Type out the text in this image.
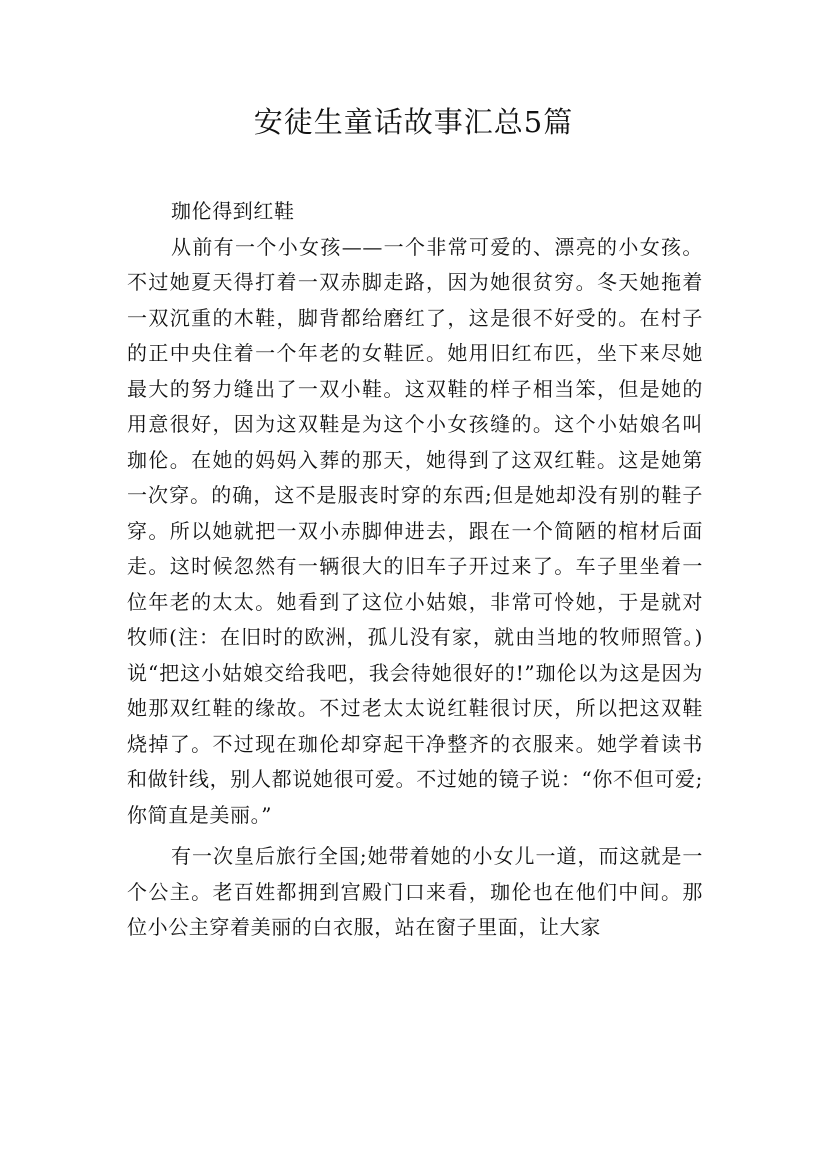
安徒生童话故事汇总5篇
珈伦得到红鞋

从前有一个小女孩——一个非常可爱的、漂亮的小女孩。不过她夏天得打着一双赤脚走路，因为她很贫穷。冬天她拖着一双沉重的木鞋，脚背都给磨红了，这是很不好受的。在村子的正中央住着一个年老的女鞋匠。她用旧红布匹，坐下来尽她最大的努力缝出了一双小鞋。这双鞋的样子相当笨，但是她的用意很好，因为这双鞋是为这个小女孩缝的。这个小姑娘名叫珈伦。在她的妈妈入葬的那天，她得到了这双红鞋。这是她第一次穿。的确，这不是服丧时穿的东西;但是她却没有别的鞋子穿。所以她就把一双小赤脚伸进去，跟在一个简陋的棺材后面走。这时候忽然有一辆很大的旧车子开过来了。车子里坐着一位年老的太太。她看到了这位小姑娘，非常可怜她，于是就对牧师(注：在旧时的欧洲，孤儿没有家，就由当地的牧师照管。)说“把这小姑娘交给我吧，我会待她很好的!”珈伦以为这是因为她那双红鞋的缘故。不过老太太说红鞋很讨厌，所以把这双鞋烧掉了。不过现在珈伦却穿起干净整齐的衣服来。她学着读书和做针线，别人都说她很可爱。不过她的镜子说：“你不但可爱;你简直是美丽。”

有一次皇后旅行全国;她带着她的小女儿一道，而这就是一个公主。老百姓都拥到宫殿门口来看，珈伦也在他们中间。那位小公主穿着美丽的白衣服，站在窗子里面，让大家
